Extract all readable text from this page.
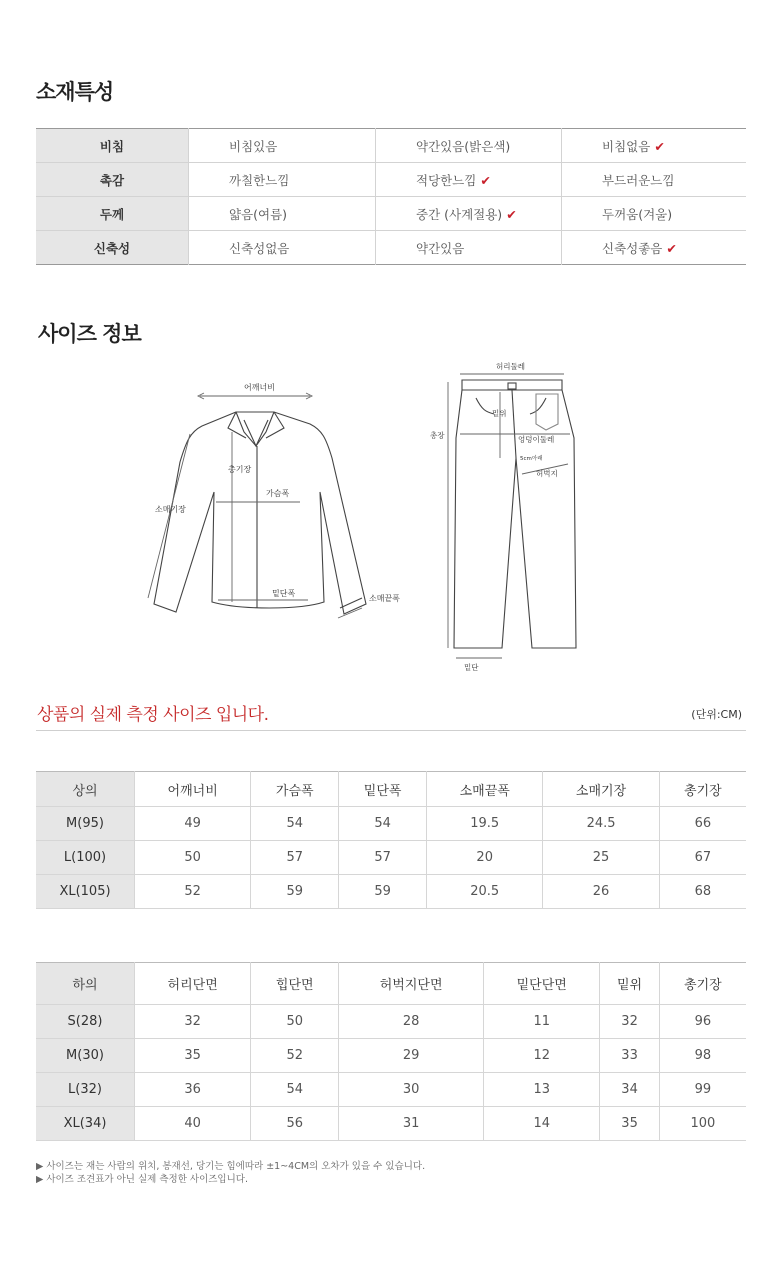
소재특성
비침	비침있음	약간있음(밝은색)	비침없음 ✔
촉감	까칠한느낌	적당한느낌 ✔	부드러운느낌
두께	얇음(여름)	중간 (사계절용) ✔	두꺼움(겨울)
신축성	신축성없음	약간있음	신축성좋음 ✔
사이즈 정보
어깨너비
총기장
가슴폭
소매기장
밑단폭
소매끝폭
허리둘레
밑위
총장	엉덩이둘레
5cm아래
허벅지
밑단
상품의 실제 측정 사이즈 입니다.	(단위:CM)
상의	어깨너비	가슴폭	밑단폭	소매끝폭	소매기장	총기장
M(95)	49	54	54	19.5	24.5	66
L(100)	50	57	57	20	25	67
XL(105)	52	59	59	20.5	26	68
하의	허리단면	힙단면	허벅지단면	밑단단면	밑위	총기장
S(28)	32	50	28	11	32	96
M(30)	35	52	29	12	33	98
L(32)	36	54	30	13	34	99
XL(34)	40	56	31	14	35	100
▶ 사이즈는 재는 사람의 위치, 봉재선, 당기는 힘에따라 ±1~4CM의 오차가 있을 수 있습니다.
▶ 사이즈 조견표가 아닌 실제 측정한 사이즈입니다.
